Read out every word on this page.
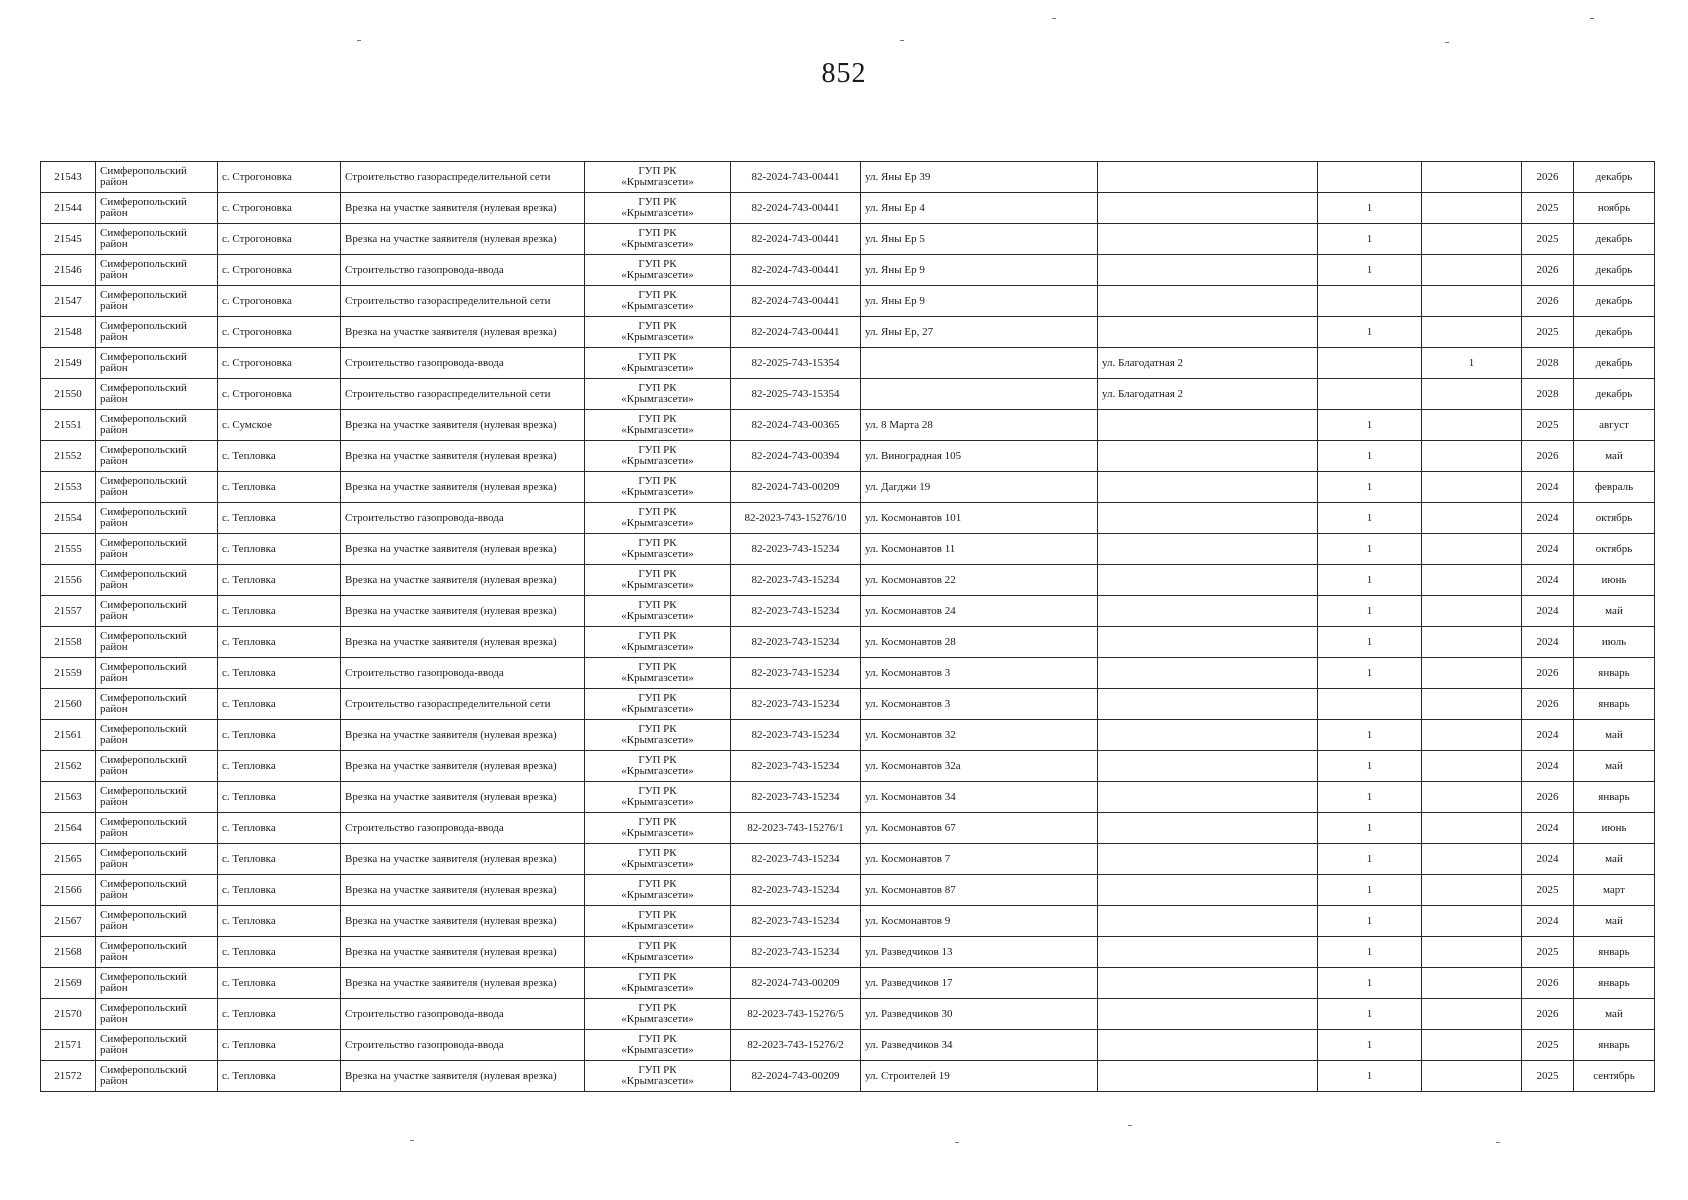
852
21543	Симферопольский район	с. Строгоновка	Строительство газораспределительной сети	ГУП РК
«Крымгазсети»	82-2024-743-00441	ул. Яны Ер 39				2026	декабрь
21544	Симферопольский район	с. Строгоновка	Врезка на участке заявителя (нулевая врезка)	ГУП РК
«Крымгазсети»	82-2024-743-00441	ул. Яны Ер 4		1		2025	ноябрь
21545	Симферопольский район	с. Строгоновка	Врезка на участке заявителя (нулевая врезка)	ГУП РК
«Крымгазсети»	82-2024-743-00441	ул. Яны Ер 5		1		2025	декабрь
21546	Симферопольский район	с. Строгоновка	Строительство газопровода-ввода	ГУП РК
«Крымгазсети»	82-2024-743-00441	ул. Яны Ер 9		1		2026	декабрь
21547	Симферопольский район	с. Строгоновка	Строительство газораспределительной сети	ГУП РК
«Крымгазсети»	82-2024-743-00441	ул. Яны Ер 9				2026	декабрь
21548	Симферопольский район	с. Строгоновка	Врезка на участке заявителя (нулевая врезка)	ГУП РК
«Крымгазсети»	82-2024-743-00441	ул. Яны Ер, 27		1		2025	декабрь
21549	Симферопольский район	с. Строгоновка	Строительство газопровода-ввода	ГУП РК
«Крымгазсети»	82-2025-743-15354		ул. Благодатная 2		1	2028	декабрь
21550	Симферопольский район	с. Строгоновка	Строительство газораспределительной сети	ГУП РК
«Крымгазсети»	82-2025-743-15354		ул. Благодатная 2			2028	декабрь
21551	Симферопольский район	с. Сумское	Врезка на участке заявителя (нулевая врезка)	ГУП РК
«Крымгазсети»	82-2024-743-00365	ул. 8 Марта 28		1		2025	август
21552	Симферопольский район	с. Тепловка	Врезка на участке заявителя (нулевая врезка)	ГУП РК
«Крымгазсети»	82-2024-743-00394	ул. Виноградная 105		1		2026	май
21553	Симферопольский район	с. Тепловка	Врезка на участке заявителя (нулевая врезка)	ГУП РК
«Крымгазсети»	82-2024-743-00209	ул. Дагджи 19		1		2024	февраль
21554	Симферопольский район	с. Тепловка	Строительство газопровода-ввода	ГУП РК
«Крымгазсети»	82-2023-743-15276/10	ул. Космонавтов 101		1		2024	октябрь
21555	Симферопольский район	с. Тепловка	Врезка на участке заявителя (нулевая врезка)	ГУП РК
«Крымгазсети»	82-2023-743-15234	ул. Космонавтов 11		1		2024	октябрь
21556	Симферопольский район	с. Тепловка	Врезка на участке заявителя (нулевая врезка)	ГУП РК
«Крымгазсети»	82-2023-743-15234	ул. Космонавтов 22		1		2024	июнь
21557	Симферопольский район	с. Тепловка	Врезка на участке заявителя (нулевая врезка)	ГУП РК
«Крымгазсети»	82-2023-743-15234	ул. Космонавтов 24		1		2024	май
21558	Симферопольский район	с. Тепловка	Врезка на участке заявителя (нулевая врезка)	ГУП РК
«Крымгазсети»	82-2023-743-15234	ул. Космонавтов 28		1		2024	июль
21559	Симферопольский район	с. Тепловка	Строительство газопровода-ввода	ГУП РК
«Крымгазсети»	82-2023-743-15234	ул. Космонавтов 3		1		2026	январь
21560	Симферопольский район	с. Тепловка	Строительство газораспределительной сети	ГУП РК
«Крымгазсети»	82-2023-743-15234	ул. Космонавтов 3				2026	январь
21561	Симферопольский район	с. Тепловка	Врезка на участке заявителя (нулевая врезка)	ГУП РК
«Крымгазсети»	82-2023-743-15234	ул. Космонавтов 32		1		2024	май
21562	Симферопольский район	с. Тепловка	Врезка на участке заявителя (нулевая врезка)	ГУП РК
«Крымгазсети»	82-2023-743-15234	ул. Космонавтов 32а		1		2024	май
21563	Симферопольский район	с. Тепловка	Врезка на участке заявителя (нулевая врезка)	ГУП РК
«Крымгазсети»	82-2023-743-15234	ул. Космонавтов 34		1		2026	январь
21564	Симферопольский район	с. Тепловка	Строительство газопровода-ввода	ГУП РК
«Крымгазсети»	82-2023-743-15276/1	ул. Космонавтов 67		1		2024	июнь
21565	Симферопольский район	с. Тепловка	Врезка на участке заявителя (нулевая врезка)	ГУП РК
«Крымгазсети»	82-2023-743-15234	ул. Космонавтов 7		1		2024	май
21566	Симферопольский район	с. Тепловка	Врезка на участке заявителя (нулевая врезка)	ГУП РК
«Крымгазсети»	82-2023-743-15234	ул. Космонавтов 87		1		2025	март
21567	Симферопольский район	с. Тепловка	Врезка на участке заявителя (нулевая врезка)	ГУП РК
«Крымгазсети»	82-2023-743-15234	ул. Космонавтов 9		1		2024	май
21568	Симферопольский район	с. Тепловка	Врезка на участке заявителя (нулевая врезка)	ГУП РК
«Крымгазсети»	82-2023-743-15234	ул. Разведчиков 13		1		2025	январь
21569	Симферопольский район	с. Тепловка	Врезка на участке заявителя (нулевая врезка)	ГУП РК
«Крымгазсети»	82-2024-743-00209	ул. Разведчиков 17		1		2026	январь
21570	Симферопольский район	с. Тепловка	Строительство газопровода-ввода	ГУП РК
«Крымгазсети»	82-2023-743-15276/5	ул. Разведчиков 30		1		2026	май
21571	Симферопольский район	с. Тепловка	Строительство газопровода-ввода	ГУП РК
«Крымгазсети»	82-2023-743-15276/2	ул. Разведчиков 34		1		2025	январь
21572	Симферопольский район	с. Тепловка	Врезка на участке заявителя (нулевая врезка)	ГУП РК
«Крымгазсети»	82-2024-743-00209	ул. Строителей 19		1		2025	сентябрь
